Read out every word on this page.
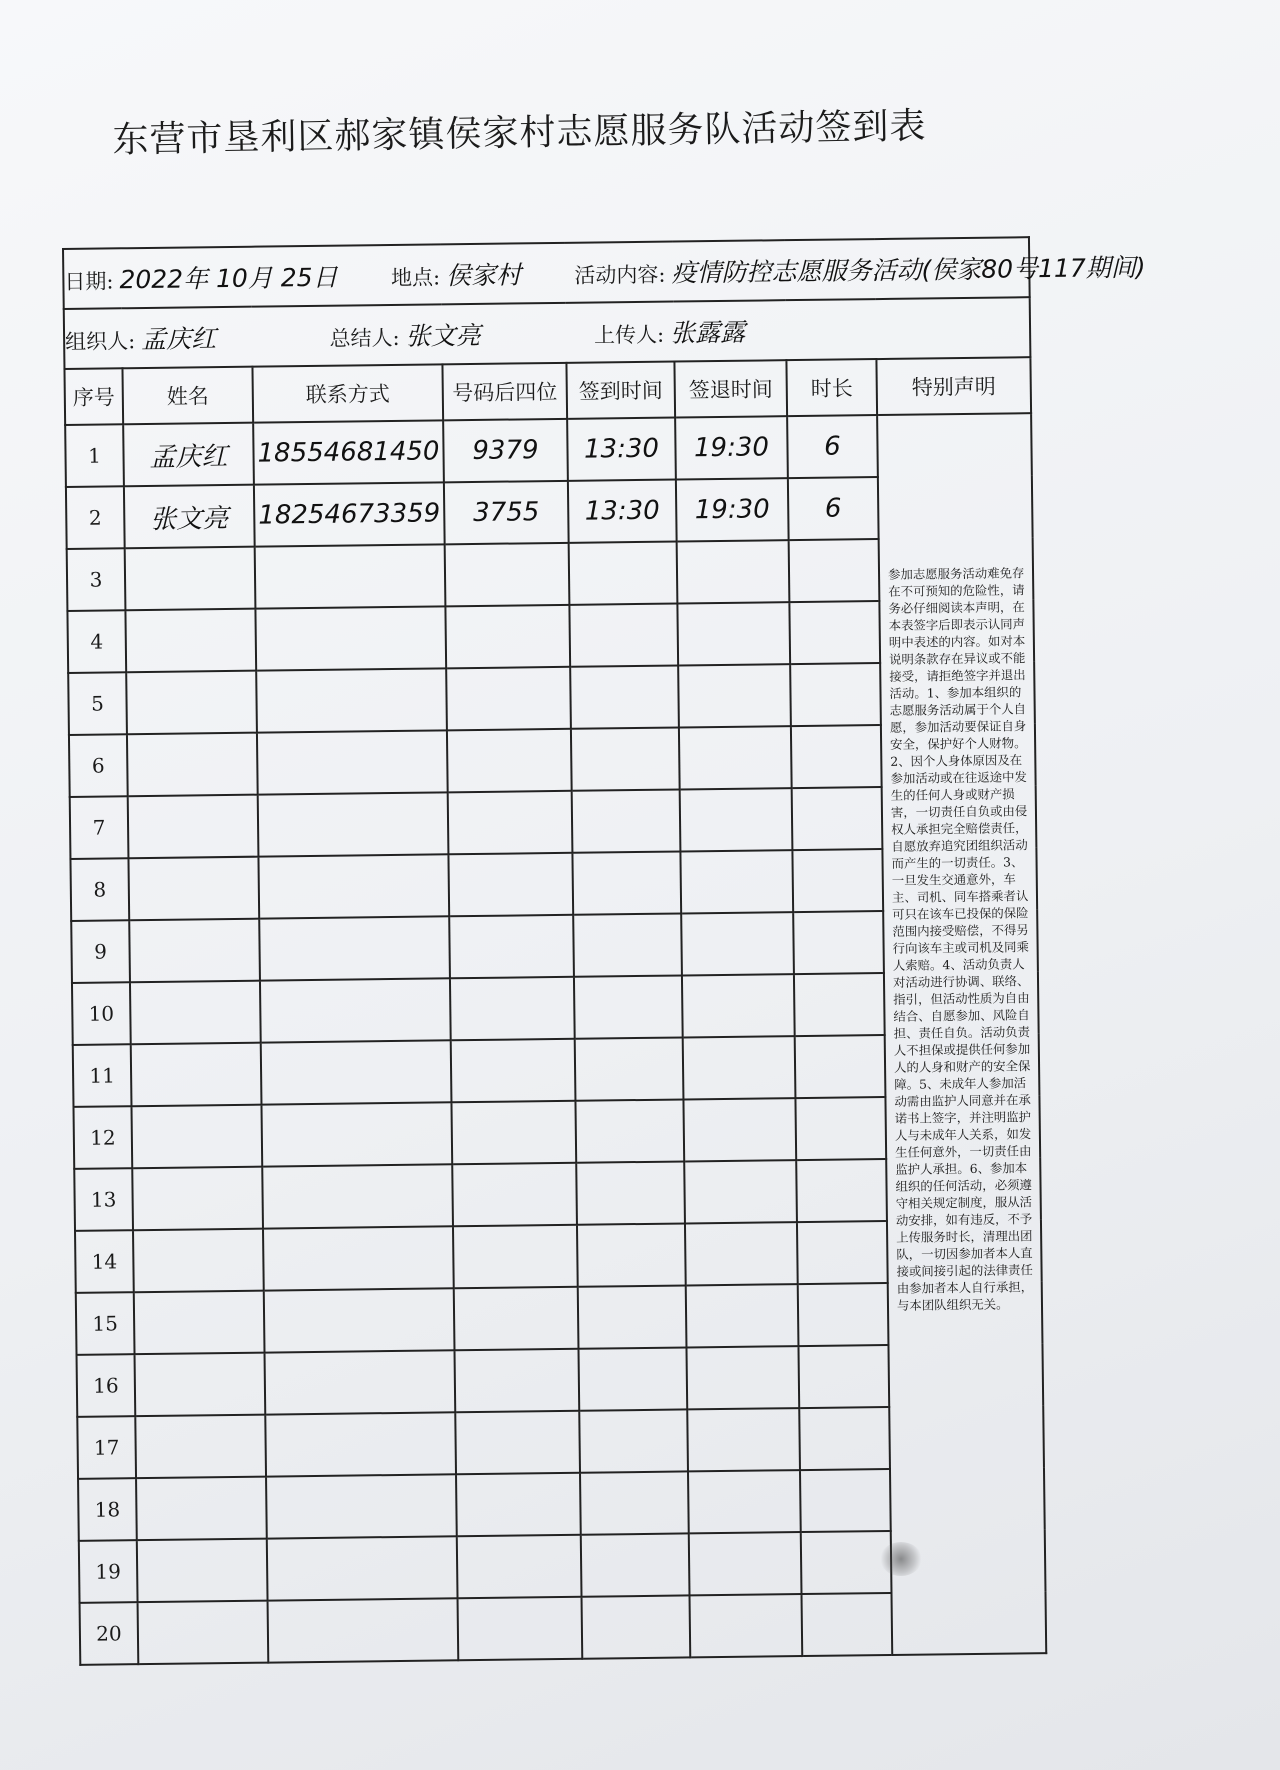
东营市垦利区郝家镇侯家村志愿服务队活动签到表
日期: 2022年 10月 25日 地点: 侯家村 活动内容: 疫情防控志愿服务活动(侯家80号117期间)							
组织人: 孟庆红 总结人: 张文亮 上传人: 张露露							
序号	姓名	联系方式	号码后四位	签到时间	签退时间	时长	特别声明
1	孟庆红	18554681450	9379	13:30	19:30	6	参加志愿服务活动难免存在不可预知的危险性，请务必仔细阅读本声明，在本表签字后即表示认同声明中表述的内容。如对本说明条款存在异议或不能接受，请拒绝签字并退出活动。1、参加本组织的志愿服务活动属于个人自愿，参加活动要保证自身安全，保护好个人财物。2、因个人身体原因及在参加活动或在往返途中发生的任何人身或财产损害，一切责任自负或由侵权人承担完全赔偿责任，自愿放弃追究团组织活动而产生的一切责任。3、一旦发生交通意外，车主、司机、同车搭乘者认可只在该车已投保的保险范围内接受赔偿，不得另行向该车主或司机及同乘人索赔。4、活动负责人对活动进行协调、联络、指引，但活动性质为自由结合、自愿参加、风险自担、责任自负。活动负责人不担保或提供任何参加人的人身和财产的安全保障。5、未成年人参加活动需由监护人同意并在承诺书上签字，并注明监护人与未成年人关系，如发生任何意外，一切责任由监护人承担。6、参加本组织的任何活动，必须遵守相关规定制度，服从活动安排，如有违反，不予上传服务时长，清理出团队，一切因参加者本人直接或间接引起的法律责任由参加者本人自行承担，与本团队组织无关。
2	张文亮	18254673359	3755	13:30	19:30	6	
3							
4							
5							
6							
7							
8							
9							
10							
11							
12							
13							
14							
15							
16							
17							
18							
19							
20							
